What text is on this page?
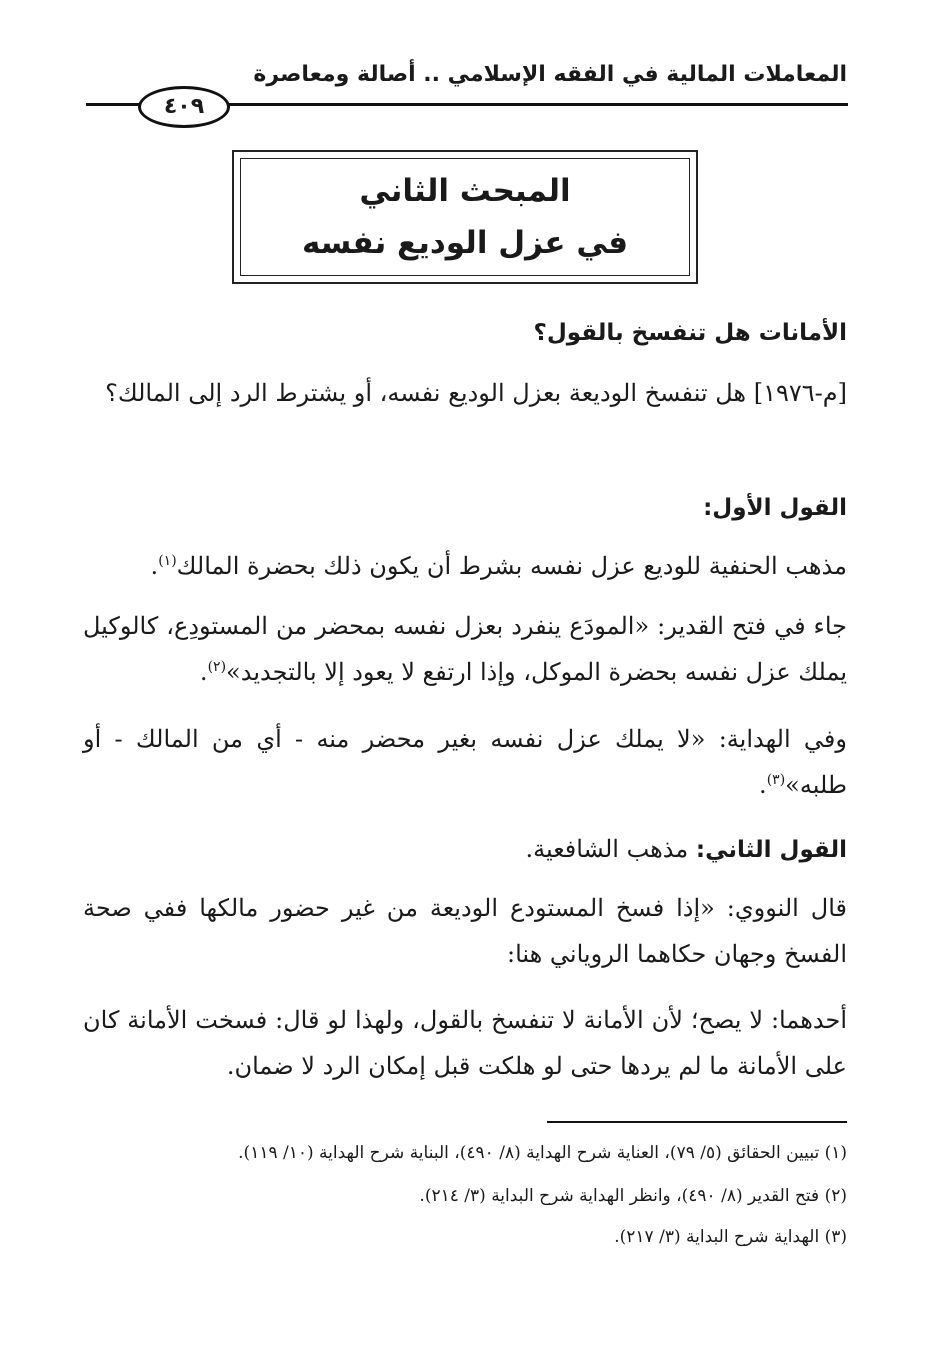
المعاملات المالية في الفقه الإسلامي .. أصالة ومعاصرة
٤٠٩
المبحث الثاني
في عزل الوديع نفسه
الأمانات هل تنفسخ بالقول؟
[م-١٩٧٦] هل تنفسخ الوديعة بعزل الوديع نفسه، أو يشترط الرد إلى المالك؟
القول الأول:
مذهب الحنفية للوديع عزل نفسه بشرط أن يكون ذلك بحضرة المالك$^{(١)}$.
جاء في فتح القدير: «المودَع ينفرد بعزل نفسه بمحضر من المستودِع، كالوكيل يملك عزل نفسه بحضرة الموكل، وإذا ارتفع لا يعود إلا بالتجديد»$^{(٢)}$.
وفي الهداية: «لا يملك عزل نفسه بغير محضر منه - أي من المالك - أو طلبه»$^{(٣)}$.
القول الثاني: مذهب الشافعية.
قال النووي: «إذا فسخ المستودع الوديعة من غير حضور مالكها ففي صحة الفسخ وجهان حكاهما الروياني هنا:
أحدهما: لا يصح؛ لأن الأمانة لا تنفسخ بالقول، ولهذا لو قال: فسخت الأمانة كان على الأمانة ما لم يردها حتى لو هلكت قبل إمكان الرد لا ضمان.
(١) تبيين الحقائق (٥/ ٧٩)، العناية شرح الهداية (٨/ ٤٩٠)، البناية شرح الهداية (١٠/ ١١٩).
(٢) فتح القدير (٨/ ٤٩٠)، وانظر الهداية شرح البداية (٣/ ٢١٤).
(٣) الهداية شرح البداية (٣/ ٢١٧).
